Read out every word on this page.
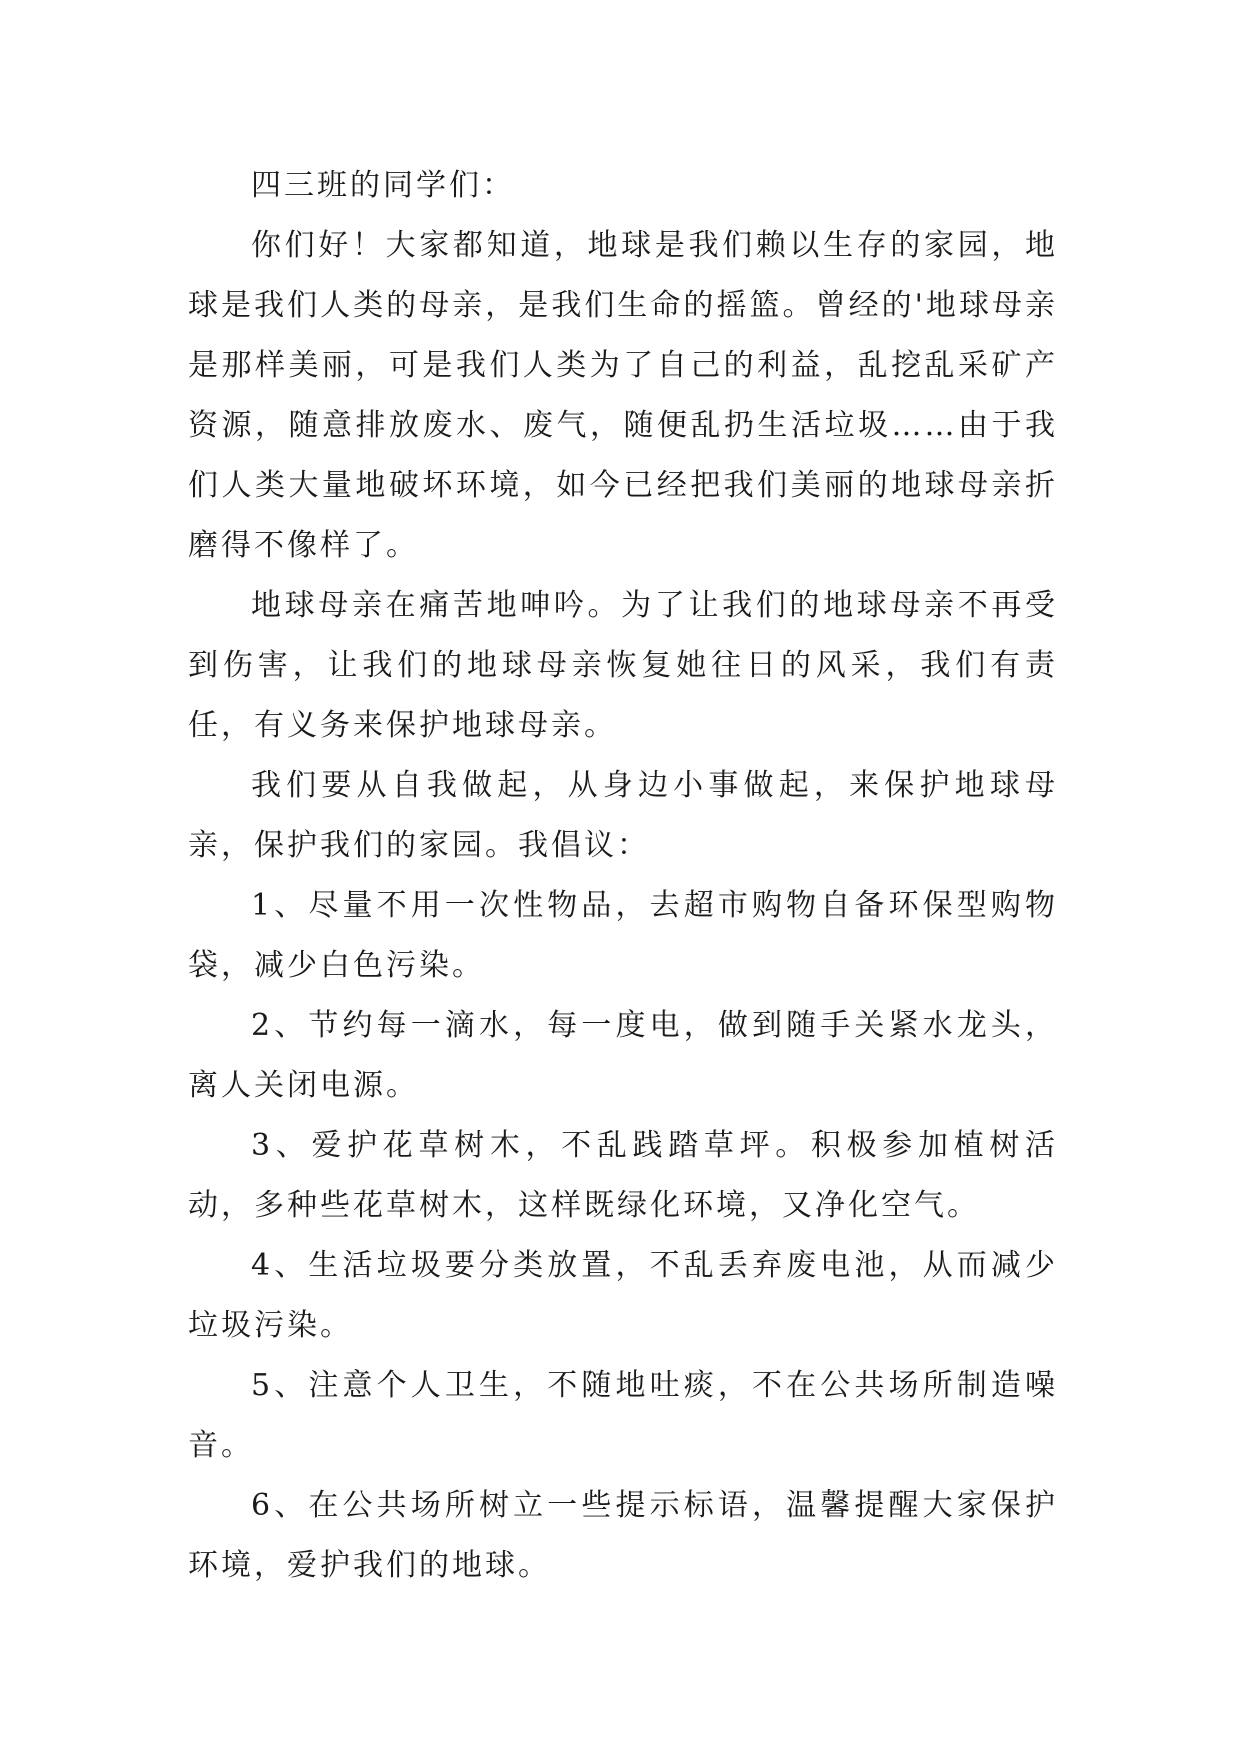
四三班的同学们：

你们好！大家都知道，地球是我们赖以生存的家园，地球是我们人类的母亲，是我们生命的摇篮。曾经的'地球母亲是那样美丽，可是我们人类为了自己的利益，乱挖乱采矿产资源，随意排放废水、废气，随便乱扔生活垃圾……由于我们人类大量地破坏环境，如今已经把我们美丽的地球母亲折磨得不像样了。

地球母亲在痛苦地呻吟。为了让我们的地球母亲不再受到伤害，让我们的地球母亲恢复她往日的风采，我们有责任，有义务来保护地球母亲。

我们要从自我做起，从身边小事做起，来保护地球母亲，保护我们的家园。我倡议：

1、尽量不用一次性物品，去超市购物自备环保型购物袋，减少白色污染。

2、节约每一滴水，每一度电，做到随手关紧水龙头，离人关闭电源。

3、爱护花草树木，不乱践踏草坪。积极参加植树活动，多种些花草树木，这样既绿化环境，又净化空气。

4、生活垃圾要分类放置，不乱丢弃废电池，从而减少垃圾污染。

5、注意个人卫生，不随地吐痰，不在公共场所制造噪音。

6、在公共场所树立一些提示标语，温馨提醒大家保护环境，爱护我们的地球。
